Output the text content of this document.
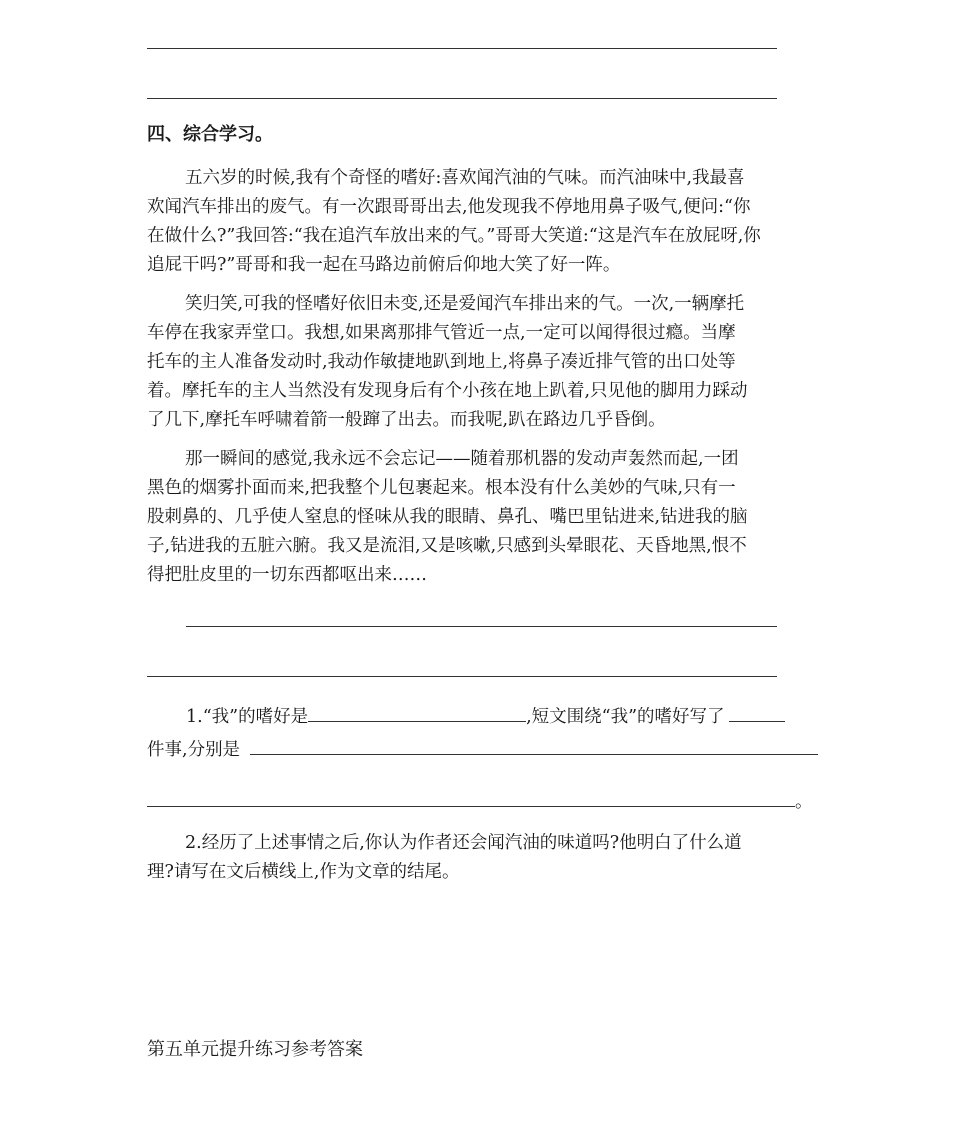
四、综合学习。
五六岁的时候,我有个奇怪的嗜好:喜欢闻汽油的气味。而汽油味中,我最喜
欢闻汽车排出的废气。有一次跟哥哥出去,他发现我不停地用鼻子吸气,便问:“你
在做什么?”我回答:“我在追汽车放出来的气。”哥哥大笑道:“这是汽车在放屁呀,你
追屁干吗?”哥哥和我一起在马路边前俯后仰地大笑了好一阵。
笑归笑,可我的怪嗜好依旧未变,还是爱闻汽车排出来的气。一次,一辆摩托
车停在我家弄堂口。我想,如果离那排气管近一点,一定可以闻得很过瘾。当摩
托车的主人准备发动时,我动作敏捷地趴到地上,将鼻子凑近排气管的出口处等
着。摩托车的主人当然没有发现身后有个小孩在地上趴着,只见他的脚用力踩动
了几下,摩托车呼啸着箭一般蹿了出去。而我呢,趴在路边几乎昏倒。
那一瞬间的感觉,我永远不会忘记——随着那机器的发动声轰然而起,一团
黑色的烟雾扑面而来,把我整个儿包裹起来。根本没有什么美妙的气味,只有一
股刺鼻的、几乎使人窒息的怪味从我的眼睛、鼻孔、嘴巴里钻进来,钻进我的脑
子,钻进我的五脏六腑。我又是流泪,又是咳嗽,只感到头晕眼花、天昏地黑,恨不
得把肚皮里的一切东西都呕出来……
1.“我”的嗜好是	,短文围绕“我”的嗜好写了
件事,分别是
。
2.经历了上述事情之后,你认为作者还会闻汽油的味道吗?他明白了什么道
理?请写在文后横线上,作为文章的结尾。
第五单元提升练习参考答案
